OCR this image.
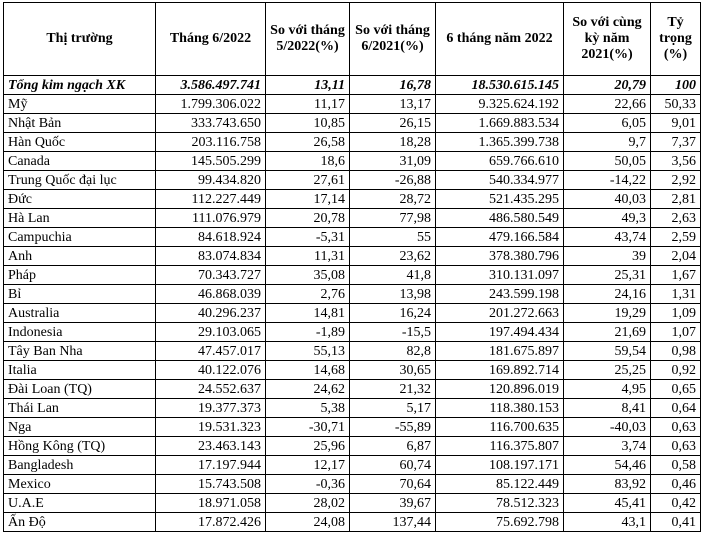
Thị trường	Tháng 6/2022	So với tháng 5/2022(%)	So với tháng 6/2021(%)	6 tháng năm 2022	So với cùng kỳ năm 2021(%)	Tỷ trọng (%)
Tổng kim ngạch XK	3.586.497.741	13,11	16,78	18.530.615.145	20,79	100
Mỹ	1.799.306.022	11,17	13,17	9.325.624.192	22,66	50,33
Nhật Bản	333.743.650	10,85	26,15	1.669.883.534	6,05	9,01
Hàn Quốc	203.116.758	26,58	18,28	1.365.399.738	9,7	7,37
Canada	145.505.299	18,6	31,09	659.766.610	50,05	3,56
Trung Quốc đại lục	99.434.820	27,61	-26,88	540.334.977	-14,22	2,92
Đức	112.227.449	17,14	28,72	521.435.295	40,03	2,81
Hà Lan	111.076.979	20,78	77,98	486.580.549	49,3	2,63
Campuchia	84.618.924	-5,31	55	479.166.584	43,74	2,59
Anh	83.074.834	11,31	23,62	378.380.796	39	2,04
Pháp	70.343.727	35,08	41,8	310.131.097	25,31	1,67
Bỉ	46.868.039	2,76	13,98	243.599.198	24,16	1,31
Australia	40.296.237	14,81	16,24	201.272.663	19,29	1,09
Indonesia	29.103.065	-1,89	-15,5	197.494.434	21,69	1,07
Tây Ban Nha	47.457.017	55,13	82,8	181.675.897	59,54	0,98
Italia	40.122.076	14,68	30,65	169.892.714	25,25	0,92
Đài Loan (TQ)	24.552.637	24,62	21,32	120.896.019	4,95	0,65
Thái Lan	19.377.373	5,38	5,17	118.380.153	8,41	0,64
Nga	19.531.323	-30,71	-55,89	116.700.635	-40,03	0,63
Hồng Kông (TQ)	23.463.143	25,96	6,87	116.375.807	3,74	0,63
Bangladesh	17.197.944	12,17	60,74	108.197.171	54,46	0,58
Mexico	15.743.508	-0,36	70,64	85.122.449	83,92	0,46
U.A.E	18.971.058	28,02	39,67	78.512.323	45,41	0,42
Ấn Độ	17.872.426	24,08	137,44	75.692.798	43,1	0,41
